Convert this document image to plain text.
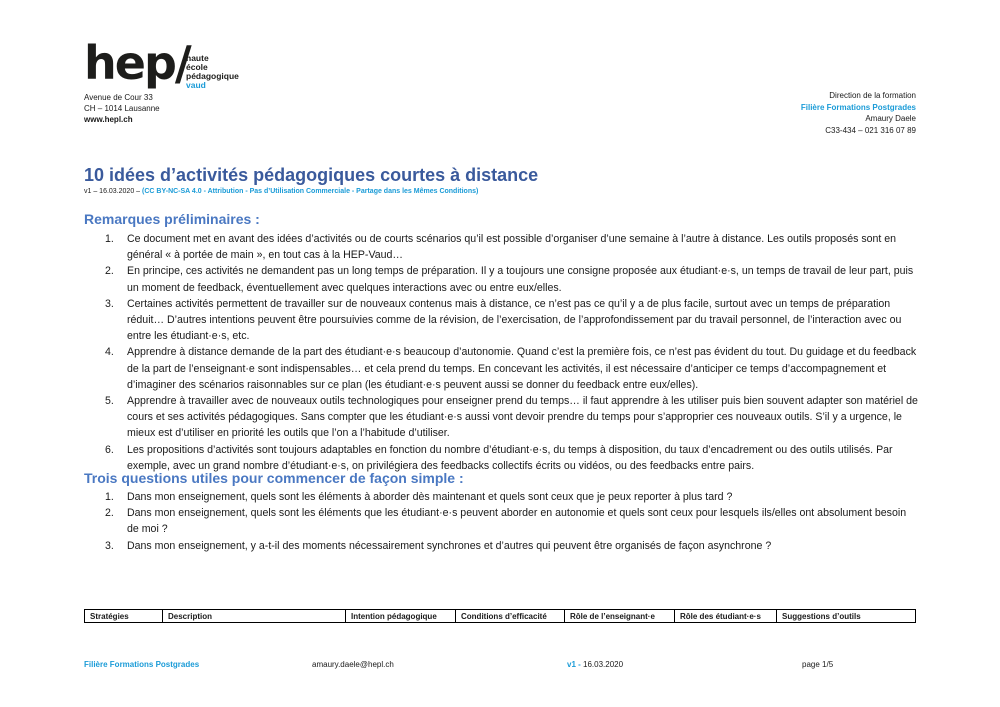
hep/
haute
école
pédagogique
vaud
Avenue de Cour 33
CH – 1014 Lausanne
www.hepl.ch
Direction de la formation
Filière Formations Postgrades
Amaury Daele
C33-434 – 021 316 07 89
10 idées d’activités pédagogiques courtes à distance
v1 – 16.03.2020 – (CC BY-NC-SA 4.0 - Attribution - Pas d’Utilisation Commerciale - Partage dans les Mêmes Conditions)
Remarques préliminaires :
1. Ce document met en avant des idées d’activités ou de courts scénarios qu’il est possible d’organiser d’une semaine à l’autre à distance. Les outils proposés sont en général « à portée de main », en tout cas à la HEP-Vaud…
2. En principe, ces activités ne demandent pas un long temps de préparation. Il y a toujours une consigne proposée aux étudiant·e·s, un temps de travail de leur part, puis un moment de feedback, éventuellement avec quelques interactions avec ou entre eux/elles.
3. Certaines activités permettent de travailler sur de nouveaux contenus mais à distance, ce n’est pas ce qu’il y a de plus facile, surtout avec un temps de préparation réduit… D’autres intentions peuvent être poursuivies comme de la révision, de l’exercisation, de l’approfondissement par du travail personnel, de l’interaction avec ou entre les étudiant·e·s, etc.
4. Apprendre à distance demande de la part des étudiant·e·s beaucoup d’autonomie. Quand c’est la première fois, ce n’est pas évident du tout. Du guidage et du feedback de la part de l’enseignant·e sont indispensables… et cela prend du temps. En concevant les activités, il est nécessaire d’anticiper ce temps d’accompagnement et d’imaginer des scénarios raisonnables sur ce plan (les étudiant·e·s peuvent aussi se donner du feedback entre eux/elles).
5. Apprendre à travailler avec de nouveaux outils technologiques pour enseigner prend du temps… il faut apprendre à les utiliser puis bien souvent adapter son matériel de cours et ses activités pédagogiques. Sans compter que les étudiant·e·s aussi vont devoir prendre du temps pour s’approprier ces nouveaux outils. S’il y a urgence, le mieux est d’utiliser en priorité les outils que l’on a l’habitude d’utiliser.
6. Les propositions d’activités sont toujours adaptables en fonction du nombre d’étudiant·e·s, du temps à disposition, du taux d’encadrement ou des outils utilisés. Par exemple, avec un grand nombre d’étudiant·e·s, on privilégiera des feedbacks collectifs écrits ou vidéos, ou des feedbacks entre pairs.
Trois questions utiles pour commencer de façon simple :
1. Dans mon enseignement, quels sont les éléments à aborder dès maintenant et quels sont ceux que je peux reporter à plus tard ?
2. Dans mon enseignement, quels sont les éléments que les étudiant·e·s peuvent aborder en autonomie et quels sont ceux pour lesquels ils/elles ont absolument besoin de moi ?
3. Dans mon enseignement, y a-t-il des moments nécessairement synchrones et d’autres qui peuvent être organisés de façon asynchrone ?
Stratégies	Description	Intention pédagogique	Conditions d’efficacité	Rôle de l’enseignant·e	Rôle des étudiant·e·s	Suggestions d’outils
Filière Formations Postgrades	amaury.daele@hepl.ch	v1 - 16.03.2020	page 1/5
